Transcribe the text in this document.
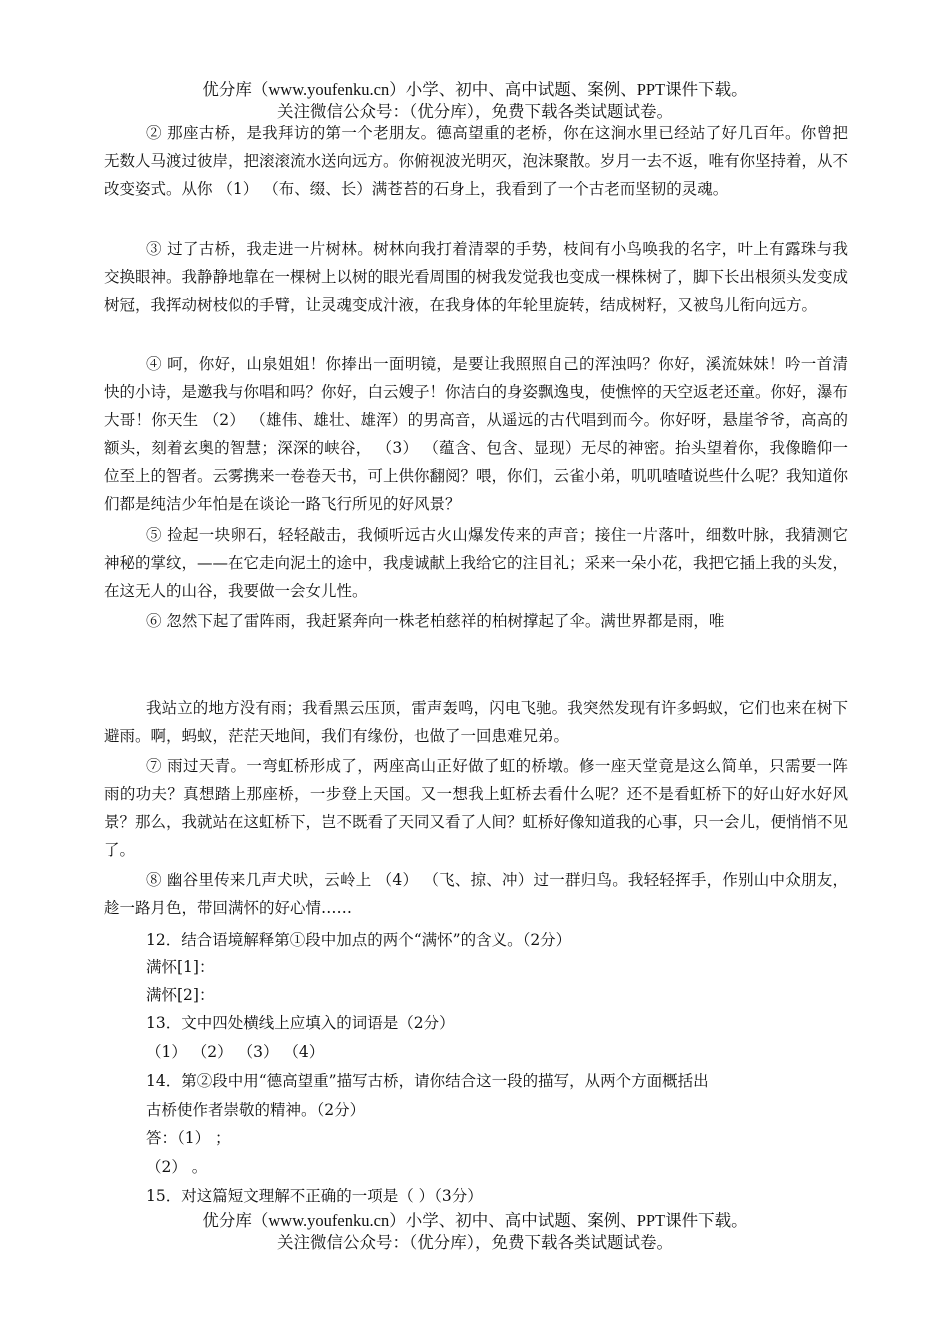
优分库（www.youfenku.cn）小学、初中、高中试题、案例、PPT课件下载。
关注微信公众号：（优分库），免费下载各类试题试卷。

② 那座古桥，是我拜访的第一个老朋友。德高望重的老桥，你在这涧水里已经站了好几百年。你曾把无数人马渡过彼岸，把滚滚流水送向远方。你俯视波光明灭，泡沫聚散。岁月一去不返，唯有你坚持着，从不改变姿式。从你 （1） （布、缀、长）满苍苔的石身上，我看到了一个古老而坚韧的灵魂。

③ 过了古桥，我走进一片树林。树林向我打着清翠的手势，枝间有小鸟唤我的名字，叶上有露珠与我交换眼神。我静静地靠在一棵树上以树的眼光看周围的树我发觉我也变成一棵株树了，脚下长出根须头发变成树冠，我挥动树枝似的手臂，让灵魂变成汁液，在我身体的年轮里旋转，结成树籽，又被鸟儿衔向远方。

④ 呵，你好，山泉姐姐！你捧出一面明镜，是要让我照照自己的浑浊吗？你好，溪流妹妹！吟一首清快的小诗，是邀我与你唱和吗？你好，白云嫂子！你洁白的身姿飘逸曳，使憔悴的天空返老还童。你好，瀑布大哥！你天生 （2） （雄伟、雄壮、雄浑）的男高音，从遥远的古代唱到而今。你好呀，悬崖爷爷，高高的额头，刻着玄奥的智慧；深深的峡谷， （3） （蕴含、包含、显现）无尽的神密。抬头望着你，我像瞻仰一位至上的智者。云雾携来一卷卷天书，可上供你翻阅？喂，你们，云雀小弟，叽叽喳喳说些什么呢？我知道你们都是纯洁少年怕是在谈论一路飞行所见的好风景？

⑤ 捡起一块卵石，轻轻敲击，我倾听远古火山爆发传来的声音；接住一片落叶，细数叶脉，我猜测它神秘的掌纹，——在它走向泥土的途中，我虔诚献上我给它的注目礼；采来一朵小花，我把它插上我的头发，在这无人的山谷，我要做一会女儿性。

⑥ 忽然下起了雷阵雨，我赶紧奔向一株老柏慈祥的柏树撑起了伞。满世界都是雨，唯

我站立的地方没有雨；我看黑云压顶，雷声轰鸣，闪电飞驰。我突然发现有许多蚂蚁，它们也来在树下避雨。啊，蚂蚁，茫茫天地间，我们有缘份，也做了一回患难兄弟。

⑦ 雨过天青。一弯虹桥形成了，两座高山正好做了虹的桥墩。修一座天堂竟是这么简单，只需要一阵雨的功夫？真想踏上那座桥，一步登上天国。又一想我上虹桥去看什么呢？还不是看虹桥下的好山好水好风景？那么，我就站在这虹桥下，岂不既看了天同又看了人间？虹桥好像知道我的心事，只一会儿，便悄悄不见了。

⑧ 幽谷里传来几声犬吠，云岭上 （4） （飞、掠、冲）过一群归鸟。我轻轻挥手，作别山中众朋友，趁一路月色，带回满怀的好心情……

12．结合语境解释第①段中加点的两个“满怀”的含义。（2分）
满怀[1]：
满怀[2]：
13．文中四处横线上应填入的词语是（2分）
（1） （2） （3） （4）
14．第②段中用“德高望重”描写古桥，请你结合这一段的描写，从两个方面概括出
古桥使作者崇敬的精神。（2分）
答：（1） ；
（2） 。
15．对这篇短文理解不正确的一项是（ ）（3分）
优分库（www.youfenku.cn）小学、初中、高中试题、案例、PPT课件下载。
关注微信公众号：（优分库），免费下载各类试题试卷。
